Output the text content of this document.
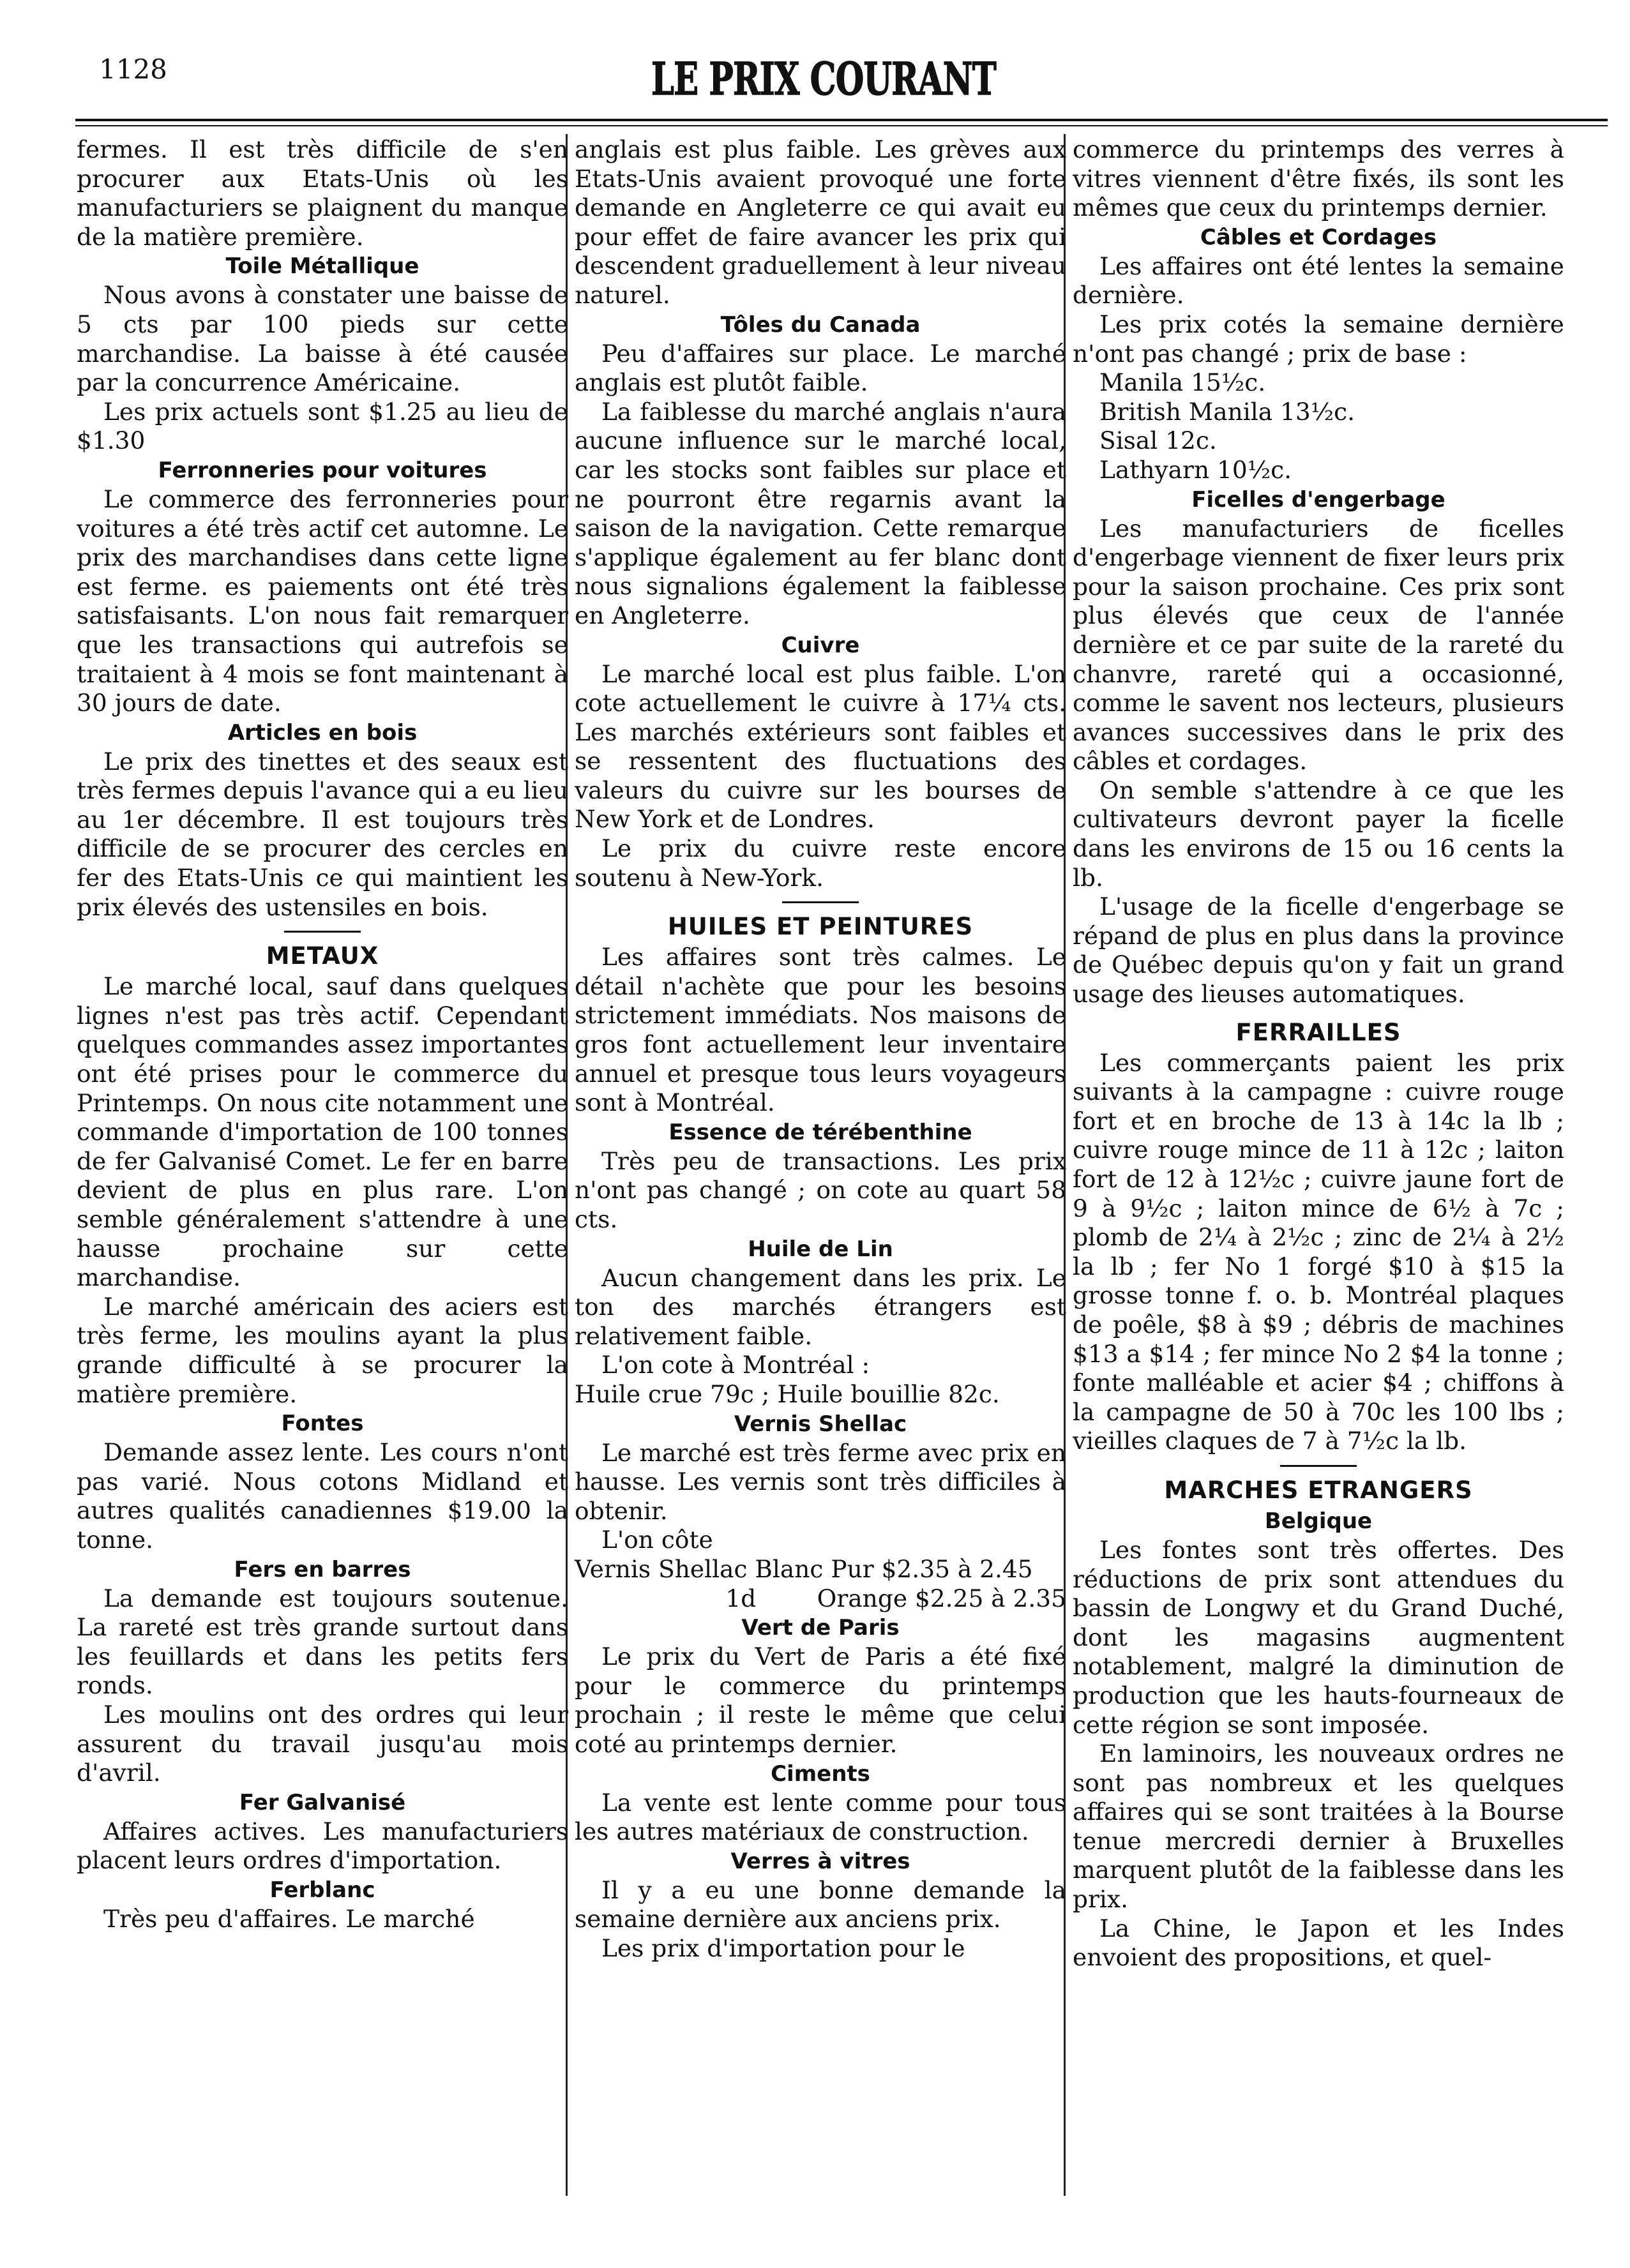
1128	LE PRIX COURANT

fermes. Il est très difficile de s'en procurer aux Etats-Unis où les manufacturiers se plaignent du manque de la matière première.

Toile Métallique

Nous avons à constater une baisse de 5 cts par 100 pieds sur cette marchandise. La baisse à été causée par la concurrence Américaine.

Les prix actuels sont $1.25 au lieu de $1.30

Ferronneries pour voitures

Le commerce des ferronneries pour voitures a été très actif cet automne. Le prix des marchandises dans cette ligne est ferme. es paiements ont été très satisfaisants. L'on nous fait remarquer que les transactions qui autrefois se traitaient à 4 mois se font maintenant à 30 jours de date.

Articles en bois

Le prix des tinettes et des seaux est très fermes depuis l'avance qui a eu lieu au 1er décembre. Il est toujours très difficile de se procurer des cercles en fer des Etats-Unis ce qui maintient les prix élevés des ustensiles en bois.

METAUX

Le marché local, sauf dans quelques lignes n'est pas très actif. Cependant quelques commandes assez importantes ont été prises pour le commerce du Printemps. On nous cite notamment une commande d'importation de 100 tonnes de fer Galvanisé Comet. Le fer en barre devient de plus en plus rare. L'on semble généralement s'attendre à une hausse prochaine sur cette marchandise.

Le marché américain des aciers est très ferme, les moulins ayant la plus grande difficulté à se procurer la matière première.

Fontes

Demande assez lente. Les cours n'ont pas varié. Nous cotons Midland et autres qualités canadiennes $19.00 la tonne.

Fers en barres

La demande est toujours soutenue. La rareté est très grande surtout dans les feuillards et dans les petits fers ronds.

Les moulins ont des ordres qui leur assurent du travail jusqu'au mois d'avril.

Fer Galvanisé

Affaires actives. Les manufacturiers placent leurs ordres d'importation.

Ferblanc

Très peu d'affaires. Le marché

anglais est plus faible. Les grèves aux Etats-Unis avaient provoqué une forte demande en Angleterre ce qui avait eu pour effet de faire avancer les prix qui descendent graduellement à leur niveau naturel.

Tôles du Canada

Peu d'affaires sur place. Le marché anglais est plutôt faible.

La faiblesse du marché anglais n'aura aucune influence sur le marché local, car les stocks sont faibles sur place et ne pourront être regarnis avant la saison de la navigation. Cette remarque s'applique également au fer blanc dont nous signalions également la faiblesse en Angleterre.

Cuivre

Le marché local est plus faible. L'on cote actuellement le cuivre à 17¼ cts. Les marchés extérieurs sont faibles et se ressentent des fluctuations des valeurs du cuivre sur les bourses de New York et de Londres.

Le prix du cuivre reste encore soutenu à New-York.

HUILES ET PEINTURES

Les affaires sont très calmes. Le détail n'achète que pour les besoins strictement immédiats. Nos maisons de gros font actuellement leur inventaire annuel et presque tous leurs voyageurs sont à Montréal.

Essence de térébenthine

Très peu de transactions. Les prix n'ont pas changé ; on cote au quart 58 cts.

Huile de Lin

Aucun changement dans les prix. Le ton des marchés étrangers est relativement faible.

L'on cote à Montréal :

Huile crue 79c ; Huile bouillie 82c.

Vernis Shellac

Le marché est très ferme avec prix en hausse. Les vernis sont très difficiles à obtenir.

L'on côte

Vernis Shellac Blanc Pur $2.35 à 2.45

1d        Orange $2.25 à 2.35

Vert de Paris

Le prix du Vert de Paris a été fixé pour le commerce du printemps prochain ; il reste le même que celui coté au printemps dernier.

Ciments

La vente est lente comme pour tous les autres matériaux de construction.

Verres à vitres

Il y a eu une bonne demande la semaine dernière aux anciens prix.

Les prix d'importation pour le

commerce du printemps des verres à vitres viennent d'être fixés, ils sont les mêmes que ceux du printemps dernier.

Câbles et Cordages

Les affaires ont été lentes la semaine dernière.

Les prix cotés la semaine dernière n'ont pas changé ; prix de base :

Manila 15½c.

British Manila 13½c.

Sisal 12c.

Lathyarn 10½c.

Ficelles d'engerbage

Les manufacturiers de ficelles d'engerbage viennent de fixer leurs prix pour la saison prochaine. Ces prix sont plus élevés que ceux de l'année dernière et ce par suite de la rareté du chanvre, rareté qui a occasionné, comme le savent nos lecteurs, plusieurs avances successives dans le prix des câbles et cordages.

On semble s'attendre à ce que les cultivateurs devront payer la ficelle dans les environs de 15 ou 16 cents la lb.

L'usage de la ficelle d'engerbage se répand de plus en plus dans la province de Québec depuis qu'on y fait un grand usage des lieuses automatiques.

FERRAILLES

Les commerçants paient les prix suivants à la campagne : cuivre rouge fort et en broche de 13 à 14c la lb ; cuivre rouge mince de 11 à 12c ; laiton fort de 12 à 12½c ; cuivre jaune fort de 9 à 9½c ; laiton mince de 6½ à 7c ; plomb de 2¼ à 2½c ; zinc de 2¼ à 2½ la lb ; fer No 1 forgé $10 à $15 la grosse tonne f. o. b. Montréal plaques de poêle, $8 à $9 ; débris de machines $13 a $14 ; fer mince No 2 $4 la tonne ; fonte malléable et acier $4 ; chiffons à la campagne de 50 à 70c les 100 lbs ; vieilles claques de 7 à 7½c la lb.

MARCHES ETRANGERS
Belgique

Les fontes sont très offertes. Des réductions de prix sont attendues du bassin de Longwy et du Grand Duché, dont les magasins augmentent notablement, malgré la diminution de production que les hauts-fourneaux de cette région se sont imposée.

En laminoirs, les nouveaux ordres ne sont pas nombreux et les quelques affaires qui se sont traitées à la Bourse tenue mercredi dernier à Bruxelles marquent plutôt de la faiblesse dans les prix.

La Chine, le Japon et les Indes envoient des propositions, et quel-
